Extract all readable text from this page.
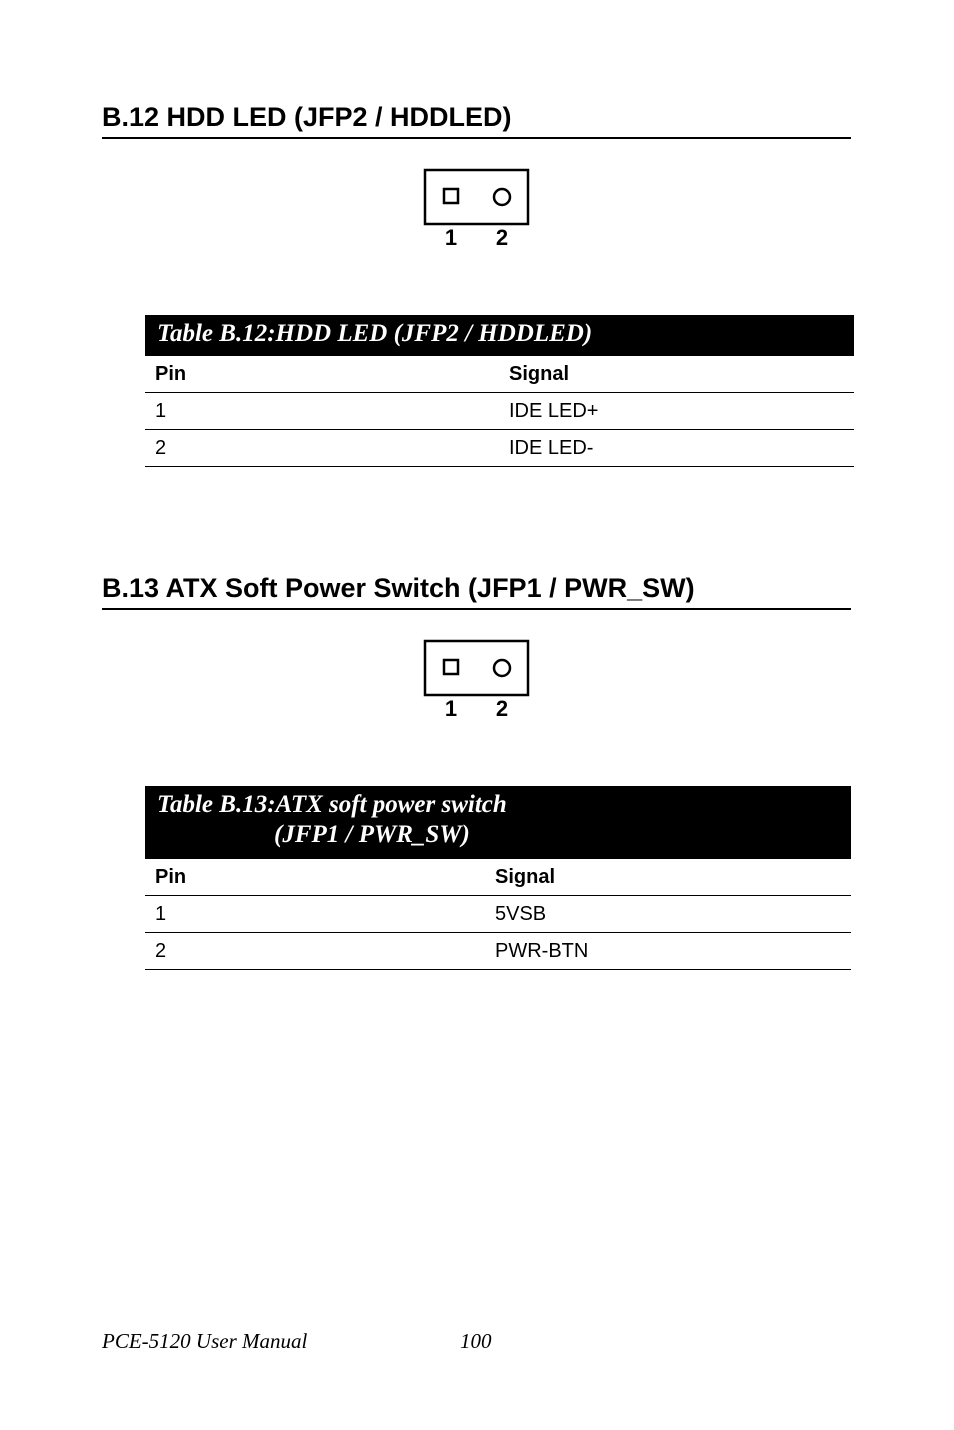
B.12 HDD LED (JFP2 / HDDLED)
1 2
Table B.12:HDD LED (JFP2 / HDDLED)
Pin	Signal
1	IDE LED+
2	IDE LED-
B.13 ATX Soft Power Switch (JFP1 / PWR_SW)
1 2
Table B.13:ATX soft power switch
(JFP1 / PWR_SW)
Pin	Signal
1	5VSB
2	PWR-BTN
PCE-5120 User Manual	100
